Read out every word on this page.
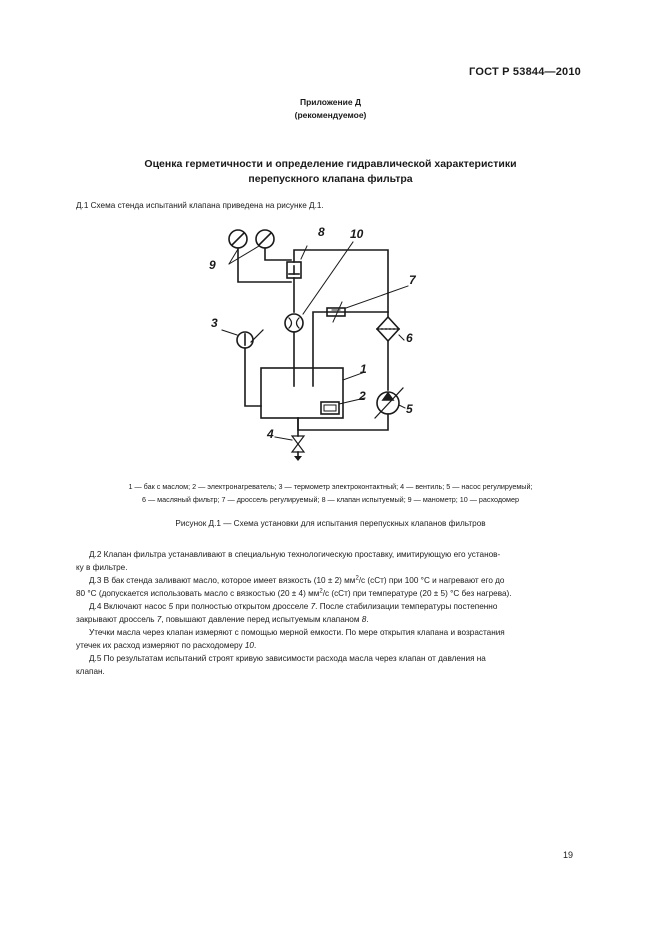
ГОСТ Р 53844—2010
Приложение Д
(рекомендуемое)
Оценка герметичности и определение гидравлической характеристики
перепускного клапана фильтра
Д.1 Схема стенда испытаний клапана приведена на рисунке Д.1.
9
8 10
7
6
3
1
2
5
4
1 — бак с маслом; 2 — электронагреватель; 3 — термометр электроконтактный; 4 — вентиль; 5 — насос регулируемый;
6 — масляный фильтр; 7 — дроссель регулируемый; 8 — клапан испытуемый; 9 — манометр; 10 — расходомер
Рисунок Д.1 — Схема установки для испытания перепускных клапанов фильтров
Д.2 Клапан фильтра устанавливают в специальную технологическую проставку, имитирующую его установ-
ку в фильтре.
Д.3 В бак стенда заливают масло, которое имеет вязкость (10 ± 2) $мм^2/с$ (сСт) при 100 °С и нагревают его до
80 °С (допускается использовать масло с вязкостью (20 ± 4) $мм^2/с$ (сСт) при температуре (20 ± 5) °С без нагрева).
Д.4 Включают насос 5 при полностью открытом дросселе 7. После стабилизации температуры постепенно
закрывают дроссель 7, повышают давление перед испытуемым клапаном 8.
Утечки масла через клапан измеряют с помощью мерной емкости. По мере открытия клапана и возрастания
утечек их расход измеряют по расходомеру 10.
Д.5 По результатам испытаний строят кривую зависимости расхода масла через клапан от давления на
клапан.
19
